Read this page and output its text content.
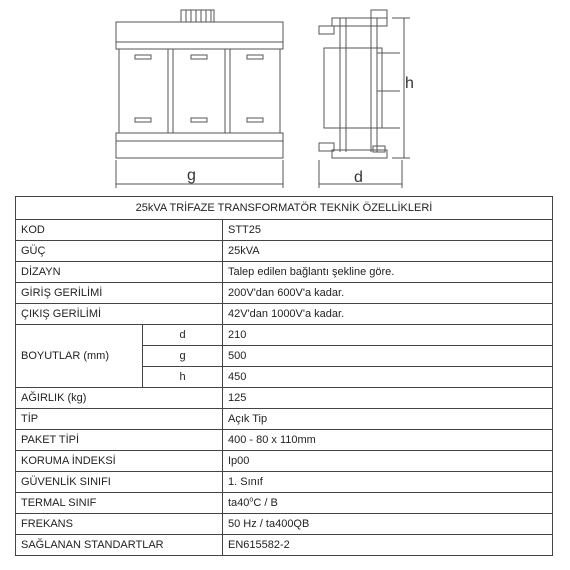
g	d
h
25kVA TRİFAZE TRANSFORMATÖR TEKNİK ÖZELLİKLERİ		
KOD		STT25
GÜÇ		25kVA
DİZAYN		Talep edilen bağlantı şekline göre.
GİRİŞ GERİLİMİ		200V'dan 600V'a kadar.
ÇIKIŞ GERİLİMİ		42V'dan 1000V'a kadar.
BOYUTLAR (mm)	d	210
	g	500
	h	450
AĞIRLIK (kg)		125
TİP		Açık Tip
PAKET TİPİ		400 - 80 x 110mm
KORUMA İNDEKSİ		Ip00
GÜVENLİK SINIFI		1. Sınıf
TERMAL SINIF		ta40$^o$C / B
FREKANS		50 Hz / ta400QB
SAĞLANAN STANDARTLAR		EN615582-2
